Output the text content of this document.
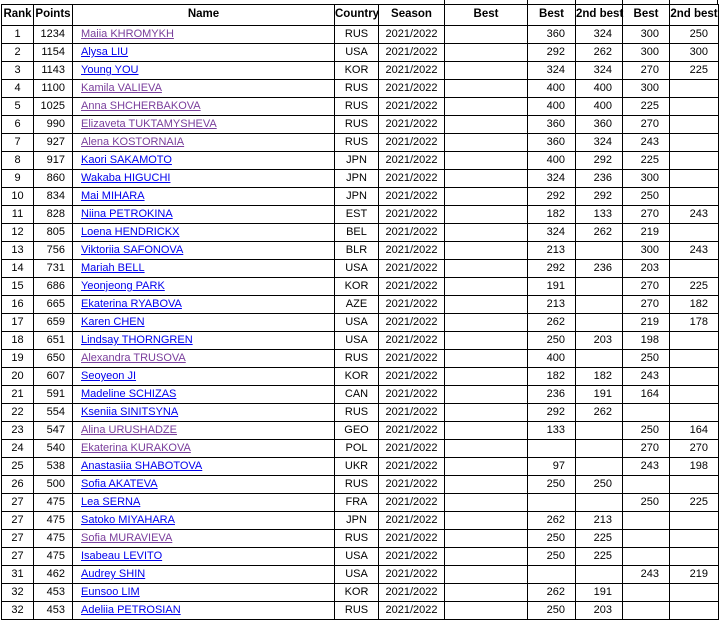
Rank	Points	Name	Country	Season	Best	Best	2nd best	Best	2nd best
1	1234	Maiia KHROMYKH	RUS	2021/2022		360	324	300	250
2	1154	Alysa LIU	USA	2021/2022		292	262	300	300
3	1143	Young YOU	KOR	2021/2022		324	324	270	225
4	1100	Kamila VALIEVA	RUS	2021/2022		400	400	300	
5	1025	Anna SHCHERBAKOVA	RUS	2021/2022		400	400	225	
6	990	Elizaveta TUKTAMYSHEVA	RUS	2021/2022		360	360	270	
7	927	Alena KOSTORNAIA	RUS	2021/2022		360	324	243	
8	917	Kaori SAKAMOTO	JPN	2021/2022		400	292	225	
9	860	Wakaba HIGUCHI	JPN	2021/2022		324	236	300	
10	834	Mai MIHARA	JPN	2021/2022		292	292	250	
11	828	Niina PETROKINA	EST	2021/2022		182	133	270	243
12	805	Loena HENDRICKX	BEL	2021/2022		324	262	219	
13	756	Viktoriia SAFONOVA	BLR	2021/2022		213		300	243
14	731	Mariah BELL	USA	2021/2022		292	236	203	
15	686	Yeonjeong PARK	KOR	2021/2022		191		270	225
16	665	Ekaterina RYABOVA	AZE	2021/2022		213		270	182
17	659	Karen CHEN	USA	2021/2022		262		219	178
18	651	Lindsay THORNGREN	USA	2021/2022		250	203	198	
19	650	Alexandra TRUSOVA	RUS	2021/2022		400		250	
20	607	Seoyeon JI	KOR	2021/2022		182	182	243	
21	591	Madeline SCHIZAS	CAN	2021/2022		236	191	164	
22	554	Kseniia SINITSYNA	RUS	2021/2022		292	262		
23	547	Alina URUSHADZE	GEO	2021/2022		133		250	164
24	540	Ekaterina KURAKOVA	POL	2021/2022				270	270
25	538	Anastasiia SHABOTOVA	UKR	2021/2022		97		243	198
26	500	Sofia AKATEVA	RUS	2021/2022		250	250		
27	475	Lea SERNA	FRA	2021/2022				250	225
27	475	Satoko MIYAHARA	JPN	2021/2022		262	213		
27	475	Sofia MURAVIEVA	RUS	2021/2022		250	225		
27	475	Isabeau LEVITO	USA	2021/2022		250	225		
31	462	Audrey SHIN	USA	2021/2022				243	219
32	453	Eunsoo LIM	KOR	2021/2022		262	191		
32	453	Adeliia PETROSIAN	RUS	2021/2022		250	203		
